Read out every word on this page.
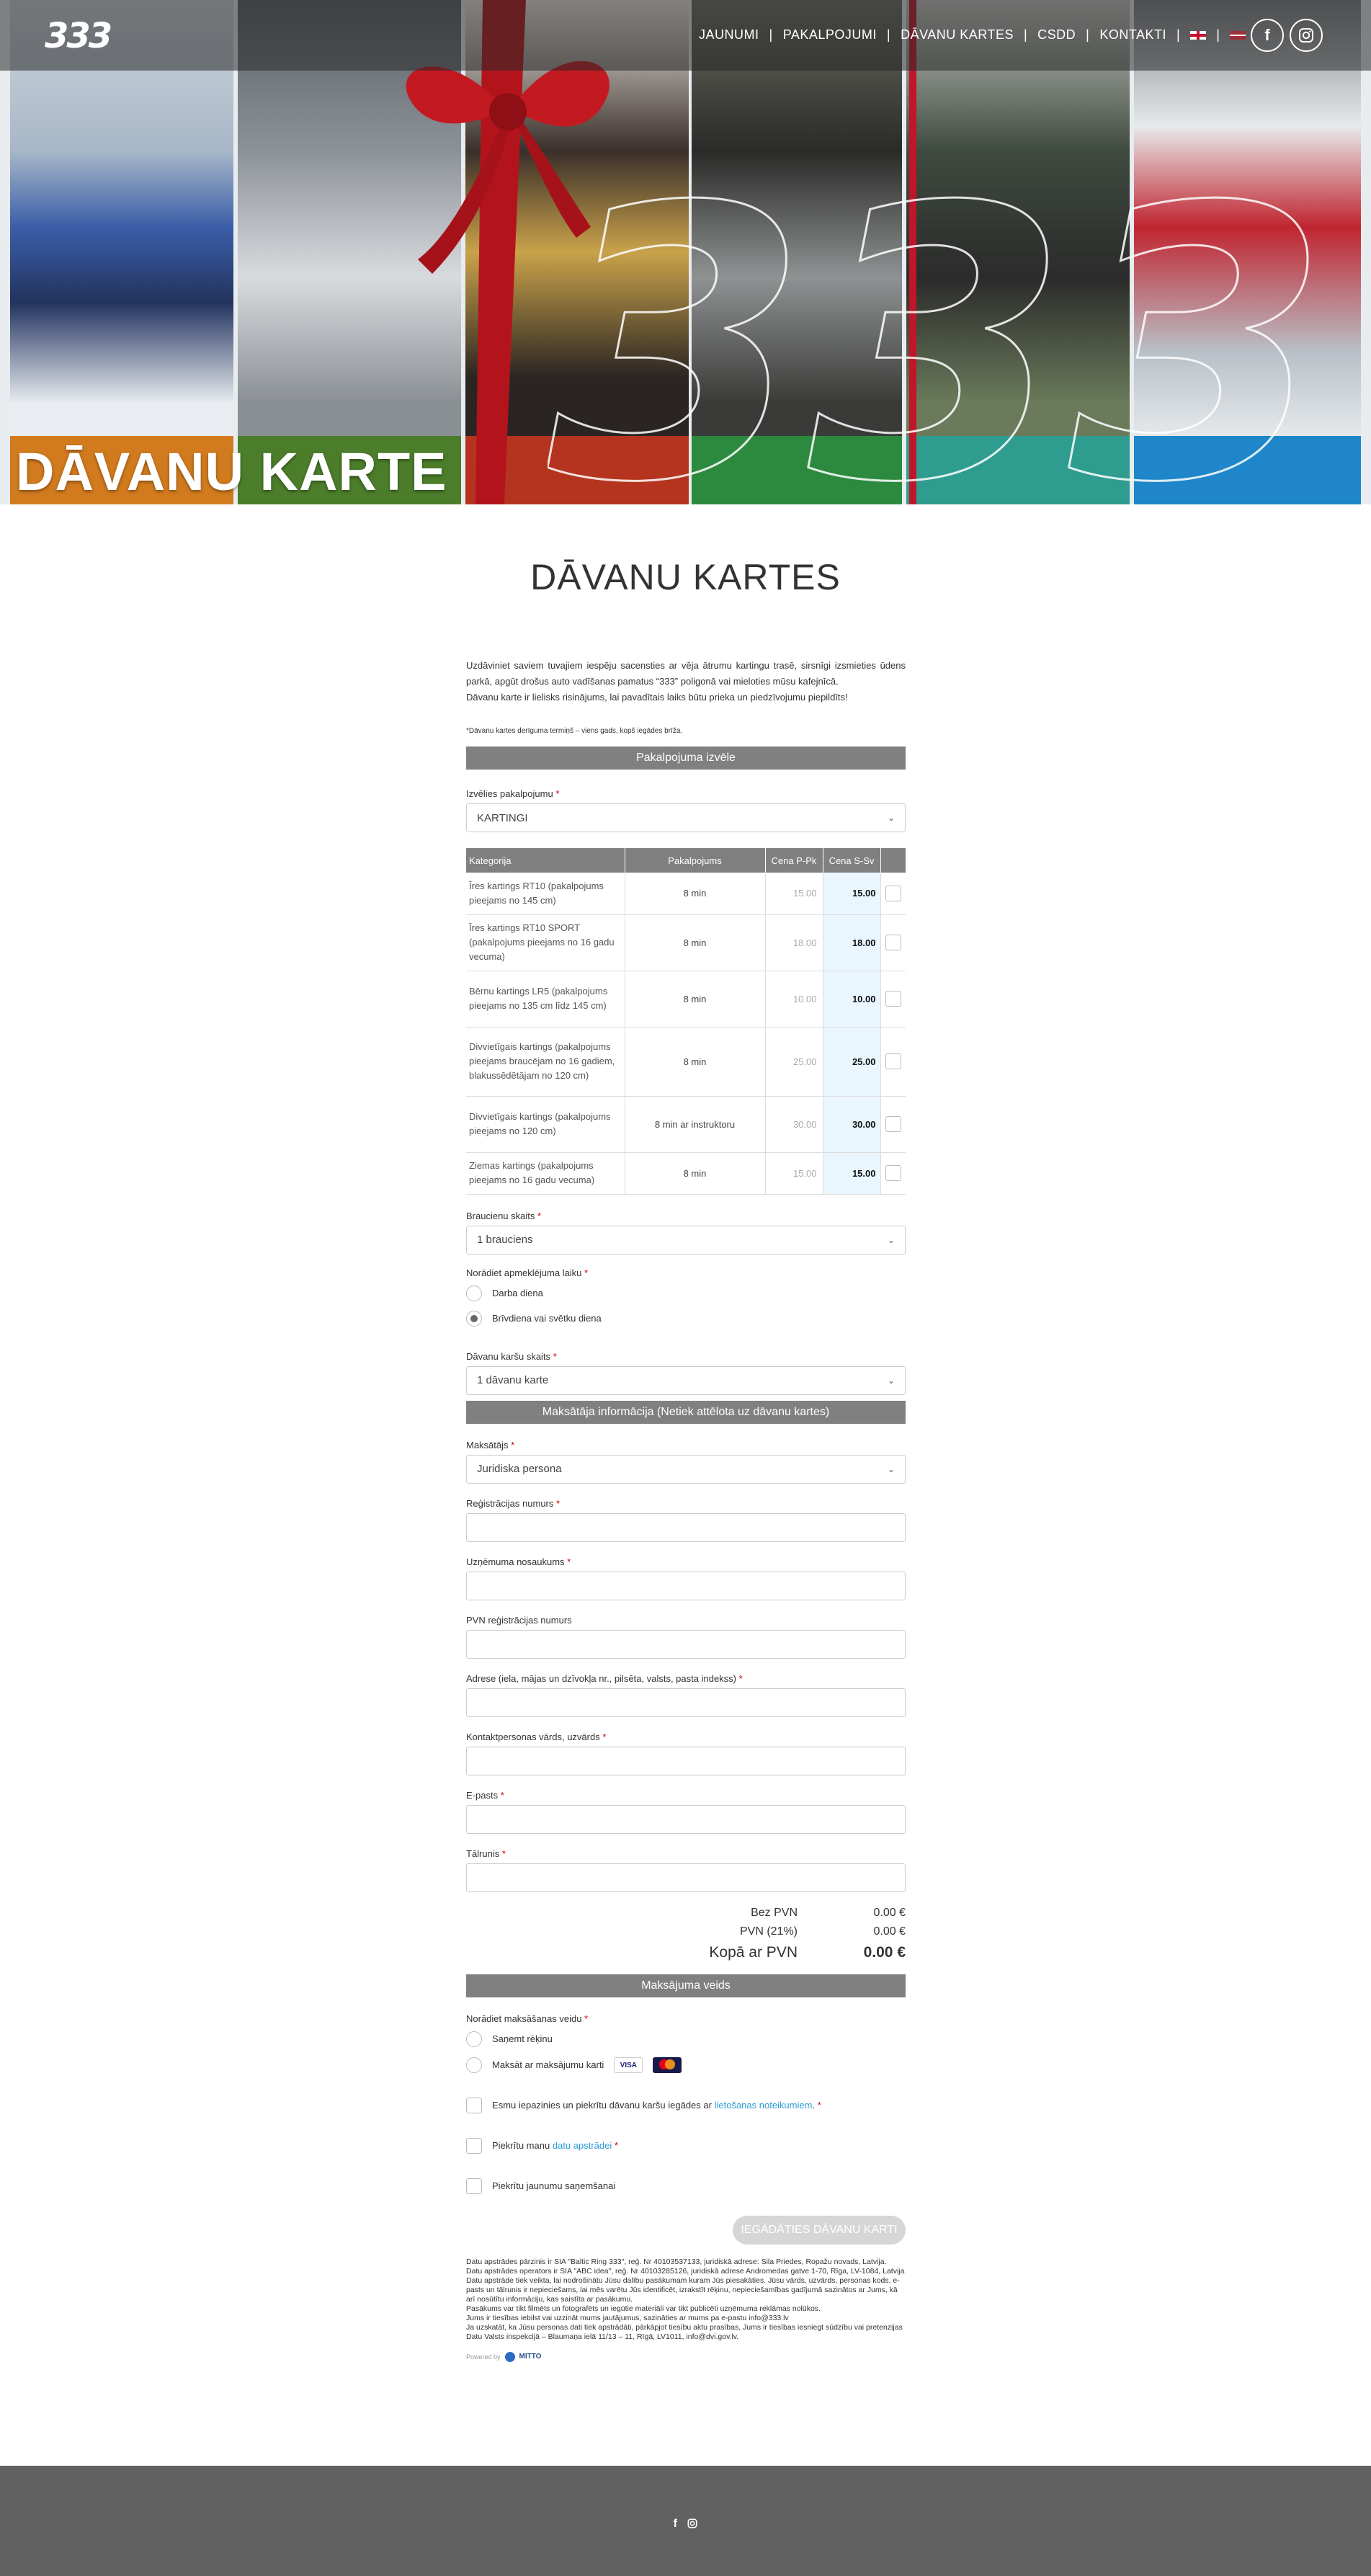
333
DĀVANU KARTE
333	JAUNUMI | PAKALPOJUMI | DĀVANU KARTES | CSDD | KONTAKTI |	|	f
DĀVANU KARTES

Uzdāviniet saviem tuvajiem iespēju sacensties ar vēja ātrumu kartingu trasē, sirsnīgi izsmieties ūdens parkā, apgūt drošus auto vadīšanas pamatus “333” poligonā vai mieloties mūsu kafejnīcā.

Dāvanu karte ir lielisks risinājums, lai pavadītais laiks būtu prieka un piedzīvojumu piepildīts!

*Dāvanu kartes derīguma termiņš – viens gads, kopš iegādes brīža.

Pakalpojuma izvēle
Izvēlies pakalpojumu *
KARTINGI	⌄
Kategorija	Pakalpojums	Cena P-Pk	Cena S-Sv	
Īres kartings RT10 (pakalpojums pieejams no 145 cm)	8 min	15.00	15.00	
Īres kartings RT10 SPORT (pakalpojums pieejams no 16 gadu vecuma)	8 min	18.00	18.00	
Bērnu kartings LR5 (pakalpojums pieejams no 135 cm līdz 145 cm)	8 min	10.00	10.00	
Divvietīgais kartings (pakalpojums pieejams braucējam no 16 gadiem, blakussēdētājam no 120 cm)	8 min	25.00	25.00	
Divvietīgais kartings (pakalpojums pieejams no 120 cm)	8 min ar instruktoru	30.00	30.00	
Ziemas kartings (pakalpojums pieejams no 16 gadu vecuma)	8 min	15.00	15.00	
Braucienu skaits *
1 brauciens	⌄
Norādiet apmeklējuma laiku *
Darba diena
Brīvdiena vai svētku diena
Dāvanu karšu skaits *
1 dāvanu karte	⌄
Maksātāja informācija (Netiek attēlota uz dāvanu kartes)
Maksātājs *
Juridiska persona	⌄
Reģistrācijas numurs *
Uzņēmuma nosaukums *
PVN reģistrācijas numurs
Adrese (iela, mājas un dzīvokļa nr., pilsēta, valsts, pasta indekss) *
Kontaktpersonas vārds, uzvārds *
E-pasts *
Tālrunis *
Bez PVN	0.00 €
PVN (21%)	0.00 €
Kopā ar PVN	0.00 €
Maksājuma veids
Norādiet maksāšanas veidu *
Saņemt rēķinu
Maksāt ar maksājumu karti	VISA
Esmu iepazinies un piekrītu dāvanu karšu iegādes ar lietošanas noteikumiem. *
Piekrītu manu datu apstrādei *
Piekrītu jaunumu saņemšanai
IEGĀDĀTIES DĀVANU KARTI

Datu apstrādes pārzinis ir SIA "Baltic Ring 333", reģ. Nr 40103537133, juridiskā adrese: Sila Priedes, Ropažu novads, Latvija.

Datu apstrādes operators ir SIA "ABC idea", reģ. Nr 40103285126, juridiskā adrese Andromedas gatve 1-70, Rīga, LV-1084, Latvija

Datu apstrāde tiek veikta, lai nodrošinātu Jūsu dalību pasākumam kuram Jūs piesakāties. Jūsu vārds, uzvārds, personas kods, e-pasts un tālrunis ir nepieciešams, lai mēs varētu Jūs identificēt, izrakstīt rēķinu, nepieciešamības gadījumā sazinātos ar Jums, kā arī nosūtītu informāciju, kas saistīta ar pasākumu.

Pasākums var tikt filmēts un fotografēts un iegūtie materiāli var tikt publicēti uzņēmuma reklāmas nolūkos.

Jums ir tiesības iebilst vai uzzināt mums jautājumus, sazināties ar mums pa e-pastu info@333.lv

Ja uzskatāt, ka Jūsu personas dati tiek apstrādāti, pārkāpjot tiesību aktu prasības, Jums ir tiesības iesniegt sūdzību vai pretenzijas Datu Valsts inspekcijā – Blaumaņa ielā 11/13 – 11, Rīgā, LV1011, info@dvi.gov.lv.

Powered by	MITTO
f
